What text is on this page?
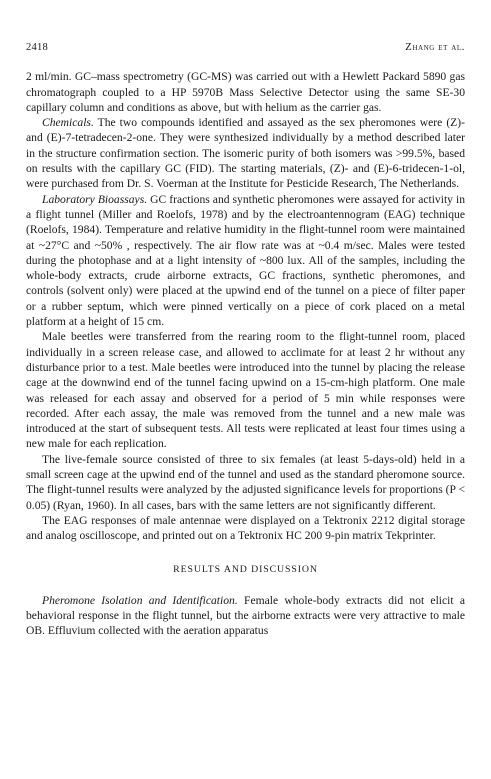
2418	Zhang et al.

2 ml/min. GC–mass spectrometry (GC-MS) was carried out with a Hewlett Packard 5890 gas chromatograph coupled to a HP 5970B Mass Selective Detector using the same SE-30 capillary column and conditions as above, but with helium as the carrier gas.

Chemicals. The two compounds identified and assayed as the sex pheromones were (Z)- and (E)-7-tetradecen-2-one. They were synthesized individually by a method described later in the structure confirmation section. The isomeric purity of both isomers was >99.5%, based on results with the capillary GC (FID). The starting materials, (Z)- and (E)-6-tridecen-1-ol, were purchased from Dr. S. Voerman at the Institute for Pesticide Research, The Netherlands.

Laboratory Bioassays. GC fractions and synthetic pheromones were assayed for activity in a flight tunnel (Miller and Roelofs, 1978) and by the electroantennogram (EAG) technique (Roelofs, 1984). Temperature and relative humidity in the flight-tunnel room were maintained at ~27°C and ~50% , respectively. The air flow rate was at ~0.4 m/sec. Males were tested during the photophase and at a light intensity of ~800 lux. All of the samples, including the whole-body extracts, crude airborne extracts, GC fractions, synthetic pheromones, and controls (solvent only) were placed at the upwind end of the tunnel on a piece of filter paper or a rubber septum, which were pinned vertically on a piece of cork placed on a metal platform at a height of 15 cm.

Male beetles were transferred from the rearing room to the flight-tunnel room, placed individually in a screen release case, and allowed to acclimate for at least 2 hr without any disturbance prior to a test. Male beetles were introduced into the tunnel by placing the release cage at the downwind end of the tunnel facing upwind on a 15-cm-high platform. One male was released for each assay and observed for a period of 5 min while responses were recorded. After each assay, the male was removed from the tunnel and a new male was introduced at the start of subsequent tests. All tests were replicated at least four times using a new male for each replication.

The live-female source consisted of three to six females (at least 5-days-old) held in a small screen cage at the upwind end of the tunnel and used as the standard pheromone source. The flight-tunnel results were analyzed by the adjusted significance levels for proportions (P < 0.05) (Ryan, 1960). In all cases, bars with the same letters are not significantly different.

The EAG responses of male antennae were displayed on a Tektronix 2212 digital storage and analog oscilloscope, and printed out on a Tektronix HC 200 9-pin matrix Tekprinter.

RESULTS AND DISCUSSION

Pheromone Isolation and Identification. Female whole-body extracts did not elicit a behavioral response in the flight tunnel, but the airborne extracts were very attractive to male OB. Effluvium collected with the aeration apparatus
